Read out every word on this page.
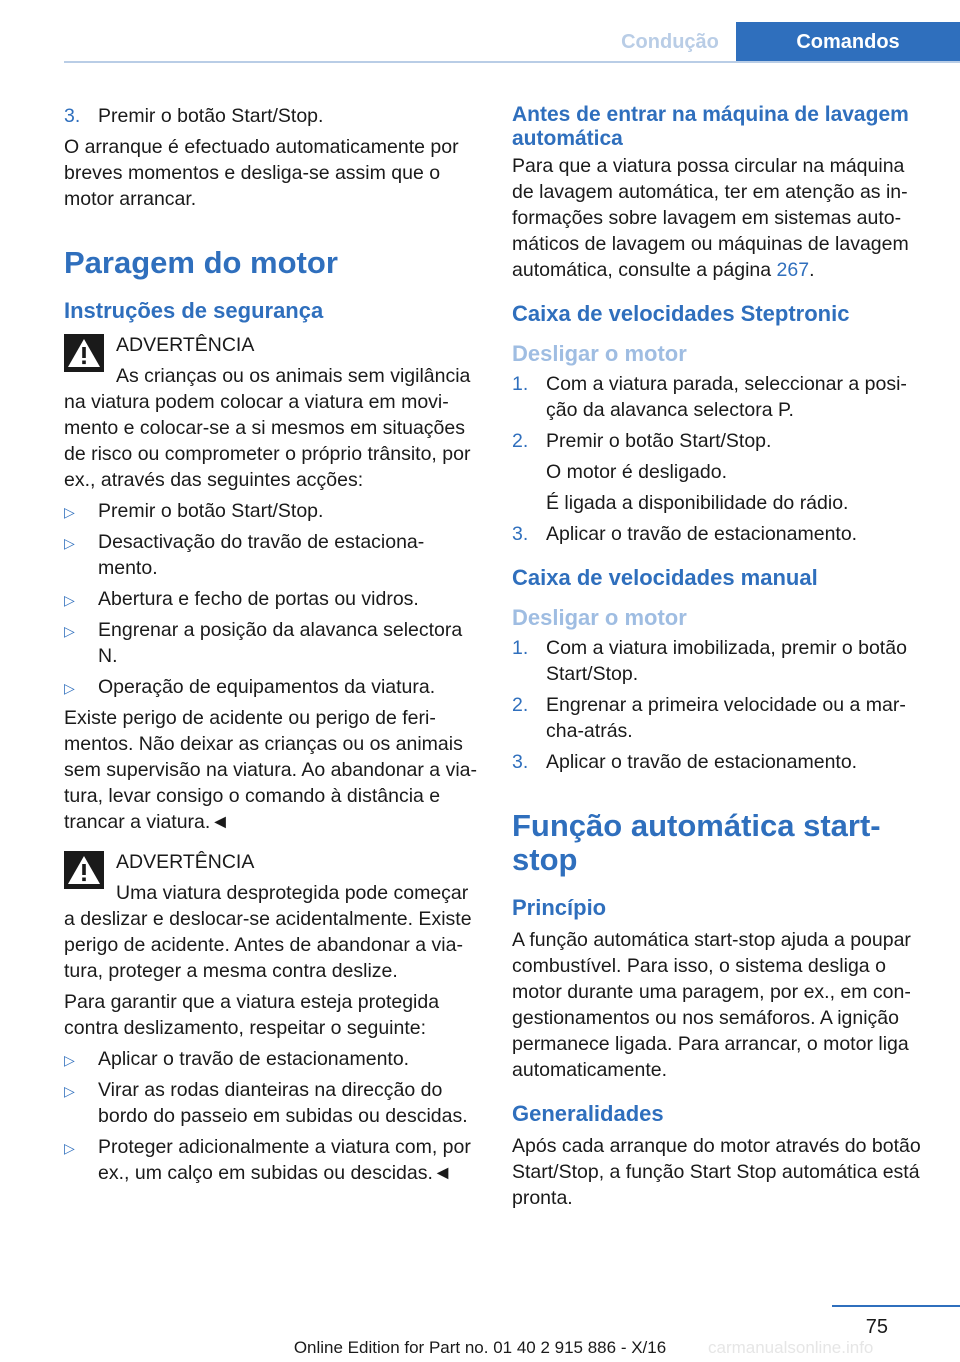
Condução	Comandos
3. Premir o botão Start/Stop.

O arranque é efectuado automaticamente por breves momentos e desliga-se assim que o motor arrancar.

Paragem do motor
Instruções de segurança
ADVERTÊNCIA

As crianças ou os animais sem vigilância na viatura podem colocar a viatura em movi-mento e colocar-se a si mesmos em situações de risco ou comprometer o próprio trânsito, por ex., através das seguintes acções:

▷ Premir o botão Start/Stop.
▷ Desactivação do travão de estaciona-mento.
▷ Abertura e fecho de portas ou vidros.
▷ Engrenar a posição da alavanca selectora N.
▷ Operação de equipamentos da viatura.

Existe perigo de acidente ou perigo de feri-mentos. Não deixar as crianças ou os animais sem supervisão na viatura. Ao abandonar a via-tura, levar consigo o comando à distância e trancar a viatura.◄

ADVERTÊNCIA

Uma viatura desprotegida pode começar a deslizar e deslocar-se acidentalmente. Existe perigo de acidente. Antes de abandonar a via-tura, proteger a mesma contra deslize.

Para garantir que a viatura esteja protegida contra deslizamento, respeitar o seguinte:

▷ Aplicar o travão de estacionamento.
▷ Virar as rodas dianteiras na direcção do bordo do passeio em subidas ou descidas.
▷ Proteger adicionalmente a viatura com, por ex., um calço em subidas ou descidas.◄
Antes de entrar na máquina de lavagem automática

Para que a viatura possa circular na máquina de lavagem automática, ter em atenção as in-formações sobre lavagem em sistemas auto-máticos de lavagem ou máquinas de lavagem automática, consulte a página 267.

Caixa de velocidades Steptronic
Desligar o motor
1. Com a viatura parada, seleccionar a posi-ção da alavanca selectora P.
2. Premir o botão Start/Stop.
O motor é desligado.
É ligada a disponibilidade do rádio.
3. Aplicar o travão de estacionamento.
Caixa de velocidades manual
Desligar o motor
1. Com a viatura imobilizada, premir o botão Start/Stop.
2. Engrenar a primeira velocidade ou a mar-cha-atrás.
3. Aplicar o travão de estacionamento.
Função automática start-stop
Princípio

A função automática start-stop ajuda a poupar combustível. Para isso, o sistema desliga o motor durante uma paragem, por ex., em con-gestionamentos ou nos semáforos. A ignição permanece ligada. Para arrancar, o motor liga automaticamente.

Generalidades

Após cada arranque do motor através do botão Start/Stop, a função Start Stop automática está pronta.

75
Online Edition for Part no. 01 40 2 915 886 - X/16	carmanualsonline.info
